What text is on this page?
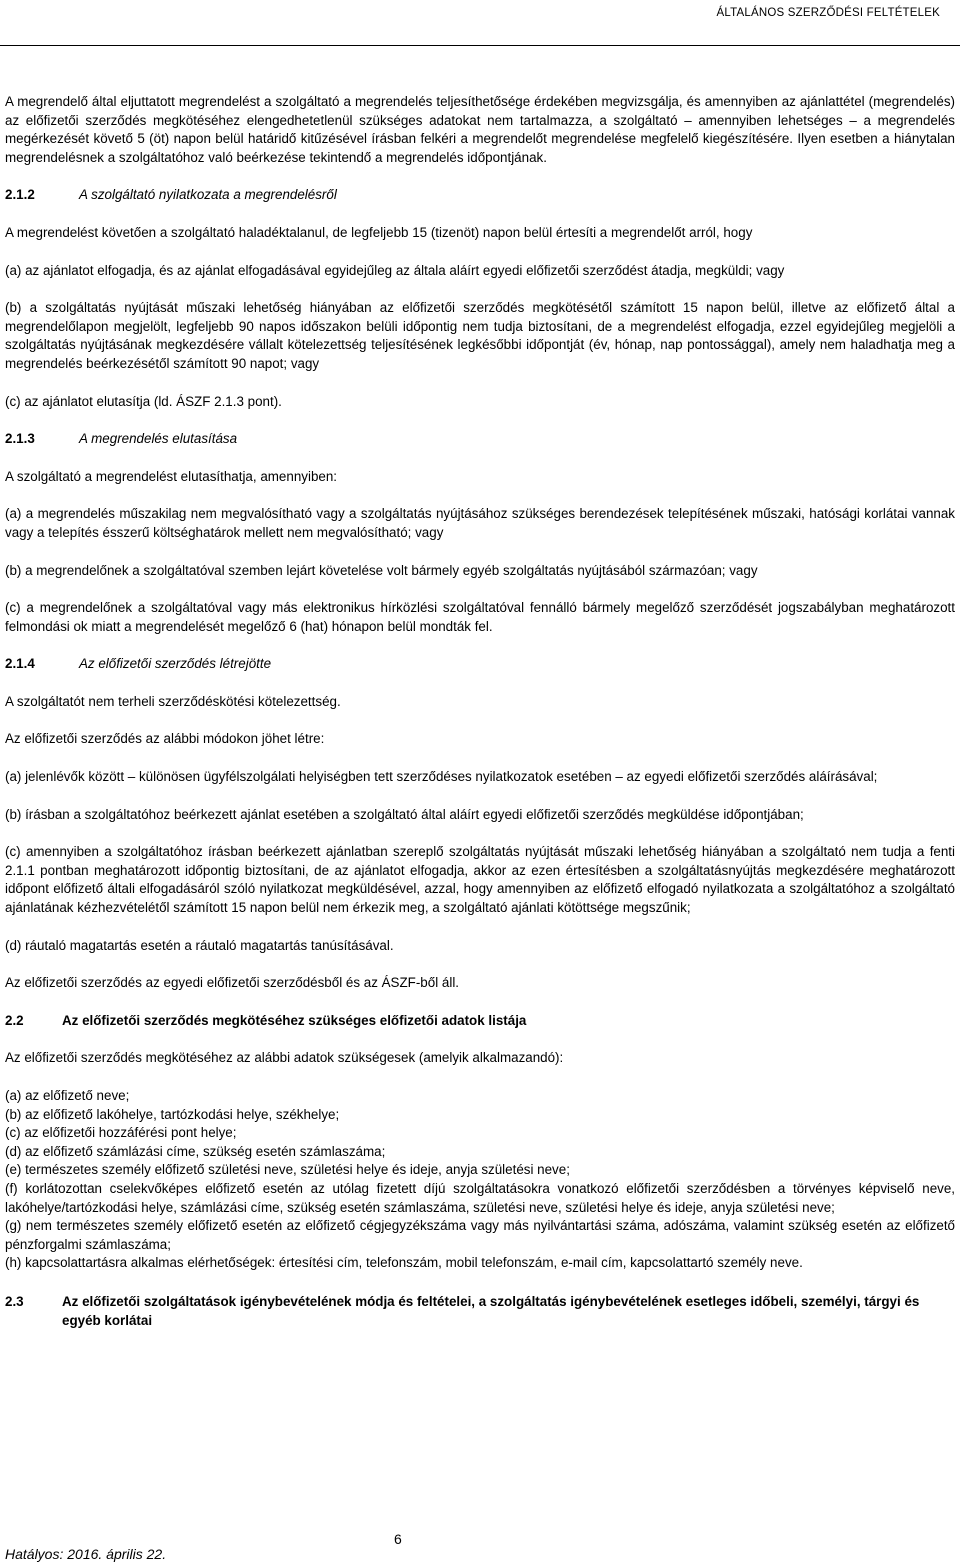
ÁLTALÁNOS SZERZŐDÉSI FELTÉTELEK

A megrendelő által eljuttatott megrendelést a szolgáltató a megrendelés teljesíthetősége érdekében megvizsgálja, és amennyiben az ajánlattétel (megrendelés) az előfizetői szerződés megkötéséhez elengedhetetlenül szükséges adatokat nem tartalmazza, a szolgáltató – amennyiben lehetséges – a megrendelés megérkezését követő 5 (öt) napon belül határidő kitűzésével írásban felkéri a megrendelőt megrendelése megfelelő kiegészítésére. Ilyen esetben a hiánytalan megrendelésnek a szolgáltatóhoz való beérkezése tekintendő a megrendelés időpontjának.

2.1.2	A szolgáltató nyilatkozata a megrendelésről

A megrendelést követően a szolgáltató haladéktalanul, de legfeljebb 15 (tizenöt) napon belül értesíti a megrendelőt arról, hogy

(a) az ajánlatot elfogadja, és az ajánlat elfogadásával egyidejűleg az általa aláírt egyedi előfizetői szerződést átadja, megküldi; vagy

(b) a szolgáltatás nyújtását műszaki lehetőség hiányában az előfizetői szerződés megkötésétől számított 15 napon belül, illetve az előfizető által a megrendelőlapon megjelölt, legfeljebb 90 napos időszakon belüli időpontig nem tudja biztosítani, de a megrendelést elfogadja, ezzel egyidejűleg megjelöli a szolgáltatás nyújtásának megkezdésére vállalt kötelezettség teljesítésének legkésőbbi időpontját (év, hónap, nap pontossággal), amely nem haladhatja meg a megrendelés beérkezésétől számított 90 napot; vagy

(c) az ajánlatot elutasítja (ld. ÁSZF 2.1.3 pont).

2.1.3	A megrendelés elutasítása

A szolgáltató a megrendelést elutasíthatja, amennyiben:

(a) a megrendelés műszakilag nem megvalósítható vagy a szolgáltatás nyújtásához szükséges berendezések telepítésének műszaki, hatósági korlátai vannak vagy a telepítés ésszerű költséghatárok mellett nem megvalósítható; vagy

(b) a megrendelőnek a szolgáltatóval szemben lejárt követelése volt bármely egyéb szolgáltatás nyújtásából származóan; vagy

(c) a megrendelőnek a szolgáltatóval vagy más elektronikus hírközlési szolgáltatóval fennálló bármely megelőző szerződését jogszabályban meghatározott felmondási ok miatt a megrendelését megelőző 6 (hat) hónapon belül mondták fel.

2.1.4	Az előfizetői szerződés létrejötte

A szolgáltatót nem terheli szerződéskötési kötelezettség.

Az előfizetői szerződés az alábbi módokon jöhet létre:

(a) jelenlévők között – különösen ügyfélszolgálati helyiségben tett szerződéses nyilatkozatok esetében – az egyedi előfizetői szerződés aláírásával;

(b) írásban a szolgáltatóhoz beérkezett ajánlat esetében a szolgáltató által aláírt egyedi előfizetői szerződés megküldése időpontjában;

(c) amennyiben a szolgáltatóhoz írásban beérkezett ajánlatban szereplő szolgáltatás nyújtását műszaki lehetőség hiányában a szolgáltató nem tudja a fenti 2.1.1 pontban meghatározott időpontig biztosítani, de az ajánlatot elfogadja, akkor az ezen értesítésben a szolgáltatásnyújtás megkezdésére meghatározott időpont előfizető általi elfogadásáról szóló nyilatkozat megküldésével, azzal, hogy amennyiben az előfizető elfogadó nyilatkozata a szolgáltatóhoz a szolgáltató ajánlatának kézhezvételétől számított 15 napon belül nem érkezik meg, a szolgáltató ajánlati kötöttsége megszűnik;

(d) ráutaló magatartás esetén a ráutaló magatartás tanúsításával.

Az előfizetői szerződés az egyedi előfizetői szerződésből és az ÁSZF-ből áll.

2.2	Az előfizetői szerződés megkötéséhez szükséges előfizetői adatok listája

Az előfizetői szerződés megkötéséhez az alábbi adatok szükségesek (amelyik alkalmazandó):

(a) az előfizető neve;

(b) az előfizető lakóhelye, tartózkodási helye, székhelye;

(c) az előfizetői hozzáférési pont helye;

(d) az előfizető számlázási címe, szükség esetén számlaszáma;

(e) természetes személy előfizető születési neve, születési helye és ideje, anyja születési neve;

(f) korlátozottan cselekvőképes előfizető esetén az utólag fizetett díjú szolgáltatásokra vonatkozó előfizetői szerződésben a törvényes képviselő neve, lakóhelye/tartózkodási helye, számlázási címe, szükség esetén számlaszáma, születési neve, születési helye és ideje, anyja születési neve;

(g) nem természetes személy előfizető esetén az előfizető cégjegyzékszáma vagy más nyilvántartási száma, adószáma, valamint szükség esetén az előfizető pénzforgalmi számlaszáma;

(h) kapcsolattartásra alkalmas elérhetőségek: értesítési cím, telefonszám, mobil telefonszám, e-mail cím, kapcsolattartó személy neve.

2.3	Az előfizetői szolgáltatások igénybevételének módja és feltételei, a szolgáltatás igénybevételének esetleges időbeli, személyi, tárgyi és egyéb korlátai
6
Hatályos: 2016. április 22.
